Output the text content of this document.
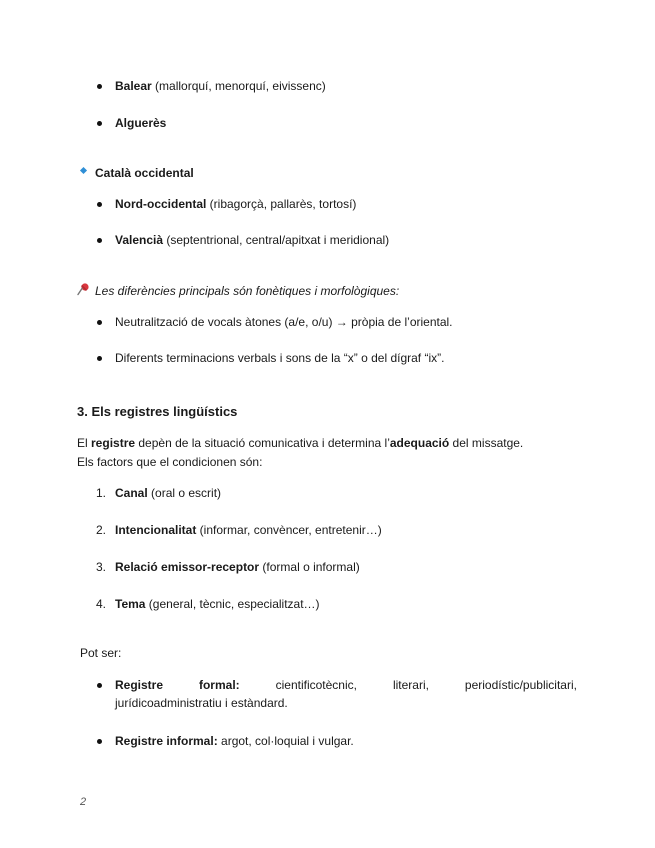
Balear (mallorquí, menorquí, eivissenc)
Alguerès
Català occidental
Nord-occidental (ribagorçà, pallarès, tortosí)
Valencià (septentrional, central/apitxat i meridional)
Les diferències principals són fonètiques i morfològiques:
Neutralització de vocals àtones (a/e, o/u) → pròpia de l’oriental.
Diferents terminacions verbals i sons de la “x” o del dígraf “ix”.
3. Els registres lingüístics
El registre depèn de la situació comunicativa i determina l’adequació del missatge.
Els factors que el condicionen són:
1. Canal (oral o escrit)
2. Intencionalitat (informar, convèncer, entretenir…)
3. Relació emissor-receptor (formal o informal)
4. Tema (general, tècnic, especialitzat…)
Pot ser:
Registre	formal:	cientificotècnic,	literari,	periodístic/publicitari,
jurídicoadministratiu i estàndard.
Registre informal: argot, col·loquial i vulgar.
2
